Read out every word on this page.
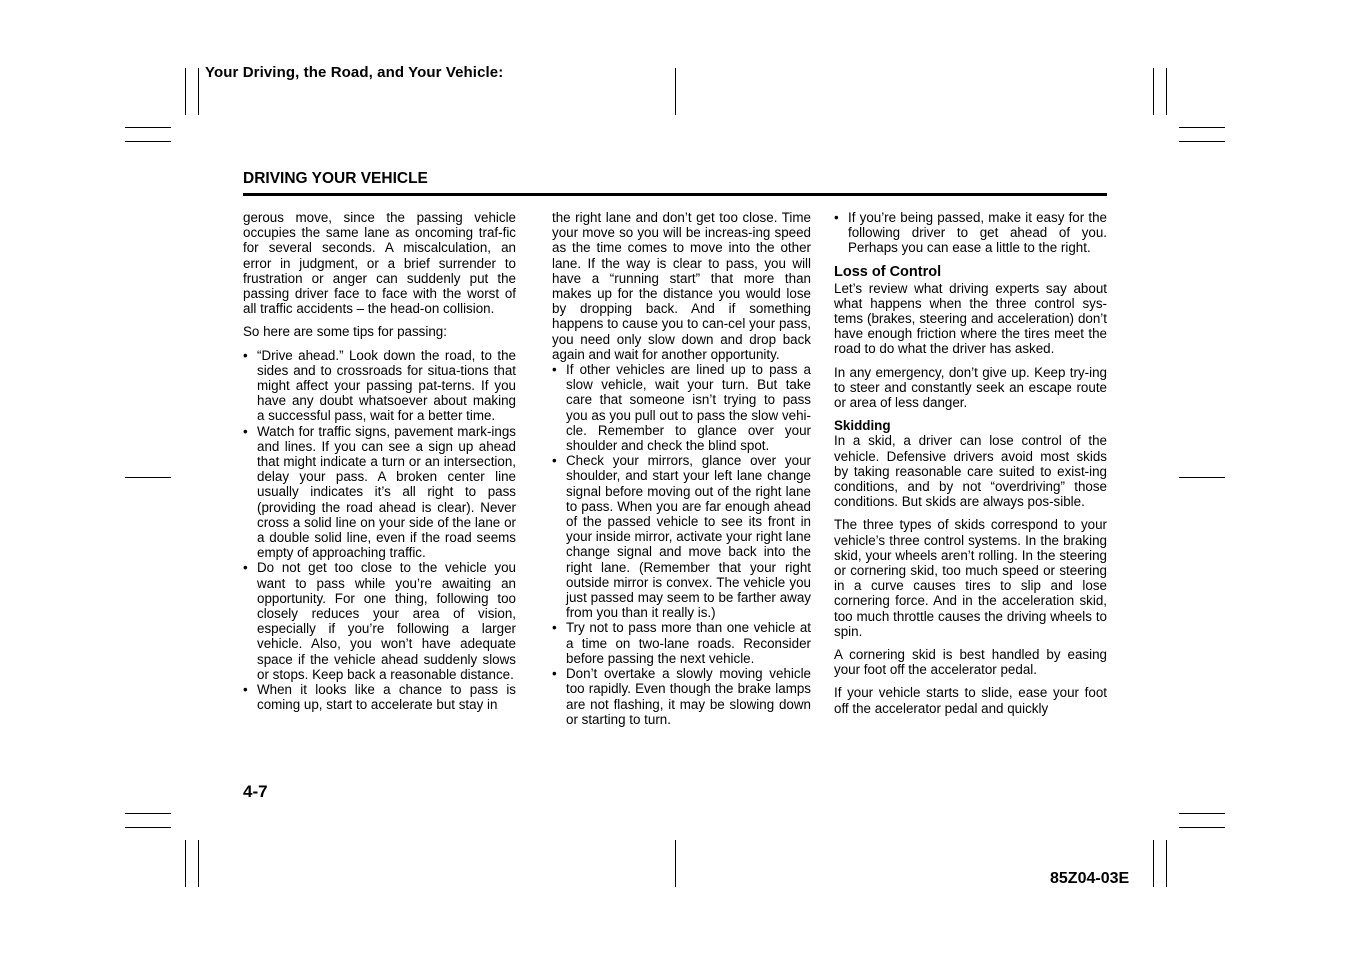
Your Driving, the Road, and Your Vehicle:
DRIVING YOUR VEHICLE

gerous move, since the passing vehicle occupies the same lane as oncoming traf-fic for several seconds. A miscalculation, an error in judgment, or a brief surrender to frustration or anger can suddenly put the passing driver face to face with the worst of all traffic accidents – the head-on collision.

So here are some tips for passing:

• “Drive ahead.” Look down the road, to the sides and to crossroads for situa-tions that might affect your passing pat-terns. If you have any doubt whatsoever about making a successful pass, wait for a better time.
• Watch for traffic signs, pavement mark-ings and lines. If you can see a sign up ahead that might indicate a turn or an intersection, delay your pass. A broken center line usually indicates it’s all right to pass (providing the road ahead is clear). Never cross a solid line on your side of the lane or a double solid line, even if the road seems empty of approaching traffic.
• Do not get too close to the vehicle you want to pass while you’re awaiting an opportunity. For one thing, following too closely reduces your area of vision, especially if you’re following a larger vehicle. Also, you won’t have adequate space if the vehicle ahead suddenly slows or stops. Keep back a reasonable distance.
• When it looks like a chance to pass is coming up, start to accelerate but stay in

the right lane and don’t get too close. Time your move so you will be increas-ing speed as the time comes to move into the other lane. If the way is clear to pass, you will have a “running start” that more than makes up for the distance you would lose by dropping back. And if something happens to cause you to can-cel your pass, you need only slow down and drop back again and wait for another opportunity.

• If other vehicles are lined up to pass a slow vehicle, wait your turn. But take care that someone isn’t trying to pass you as you pull out to pass the slow vehi-cle. Remember to glance over your shoulder and check the blind spot.
• Check your mirrors, glance over your shoulder, and start your left lane change signal before moving out of the right lane to pass. When you are far enough ahead of the passed vehicle to see its front in your inside mirror, activate your right lane change signal and move back into the right lane. (Remember that your right outside mirror is convex. The vehicle you just passed may seem to be farther away from you than it really is.)
• Try not to pass more than one vehicle at a time on two-lane roads. Reconsider before passing the next vehicle.
• Don’t overtake a slowly moving vehicle too rapidly. Even though the brake lamps are not flashing, it may be slowing down or starting to turn.
• If you’re being passed, make it easy for the following driver to get ahead of you. Perhaps you can ease a little to the right.
Loss of Control

Let’s review what driving experts say about what happens when the three control sys-tems (brakes, steering and acceleration) don’t have enough friction where the tires meet the road to do what the driver has asked.

In any emergency, don’t give up. Keep try-ing to steer and constantly seek an escape route or area of less danger.

Skidding

In a skid, a driver can lose control of the vehicle. Defensive drivers avoid most skids by taking reasonable care suited to exist-ing conditions, and by not “overdriving” those conditions. But skids are always pos-sible.

The three types of skids correspond to your vehicle’s three control systems. In the braking skid, your wheels aren’t rolling. In the steering or cornering skid, too much speed or steering in a curve causes tires to slip and lose cornering force. And in the acceleration skid, too much throttle causes the driving wheels to spin.

A cornering skid is best handled by easing your foot off the accelerator pedal.

If your vehicle starts to slide, ease your foot off the accelerator pedal and quickly

4-7
85Z04-03E
